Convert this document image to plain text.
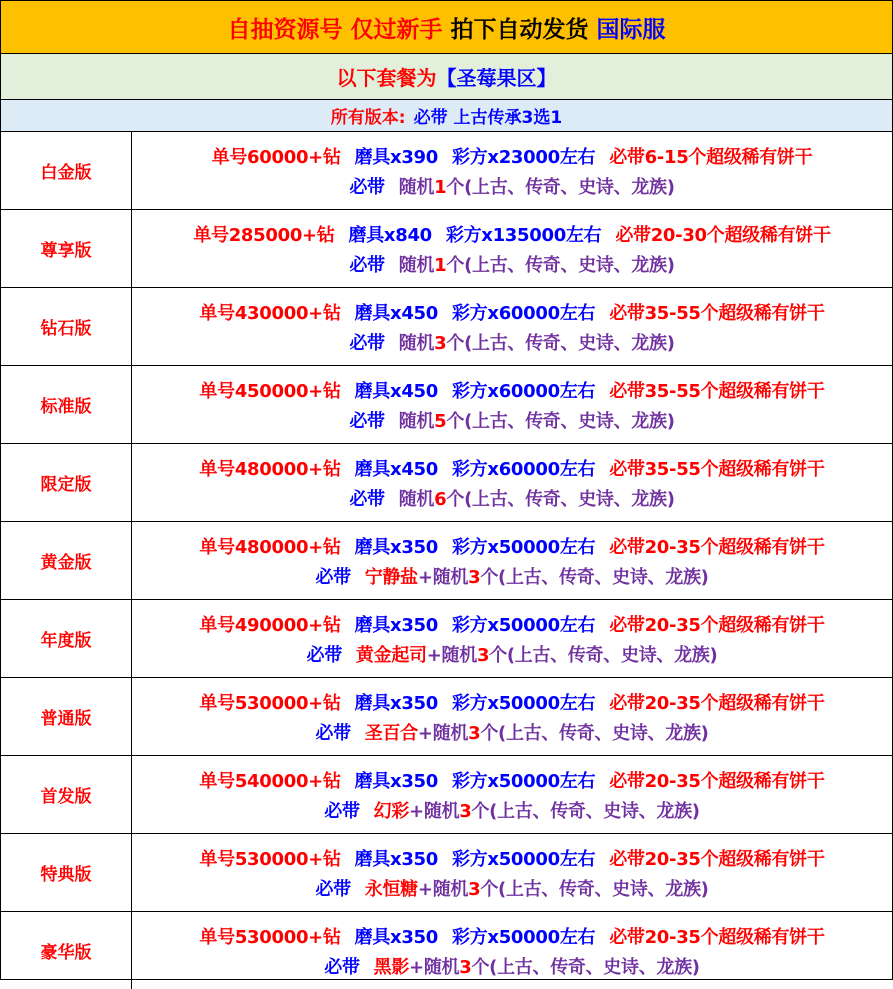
自抽资源号 仅过新手 拍下自动发货 国际服
以下套餐为 【圣莓果区】
所有版本: 必带 上古传承3选1
白金版
单号60000+钻 磨具x390 彩方x23000左右 必带6-15个超级稀有饼干
必带 随机1个(上古、传奇、史诗、龙族)
尊享版
单号285000+钻 磨具x840 彩方x135000左右 必带20-30个超级稀有饼干
必带 随机1个(上古、传奇、史诗、龙族)
钻石版
单号430000+钻 磨具x450 彩方x60000左右 必带35-55个超级稀有饼干
必带 随机3个(上古、传奇、史诗、龙族)
标准版
单号450000+钻 磨具x450 彩方x60000左右 必带35-55个超级稀有饼干
必带 随机5个(上古、传奇、史诗、龙族)
限定版
单号480000+钻 磨具x450 彩方x60000左右 必带35-55个超级稀有饼干
必带 随机6个(上古、传奇、史诗、龙族)
黄金版
单号480000+钻 磨具x350 彩方x50000左右 必带20-35个超级稀有饼干
必带 宁静盐+随机3个(上古、传奇、史诗、龙族)
年度版
单号490000+钻 磨具x350 彩方x50000左右 必带20-35个超级稀有饼干
必带 黄金起司+随机3个(上古、传奇、史诗、龙族)
普通版
单号530000+钻 磨具x350 彩方x50000左右 必带20-35个超级稀有饼干
必带 圣百合+随机3个(上古、传奇、史诗、龙族)
首发版
单号540000+钻 磨具x350 彩方x50000左右 必带20-35个超级稀有饼干
必带 幻彩+随机3个(上古、传奇、史诗、龙族)
特典版
单号530000+钻 磨具x350 彩方x50000左右 必带20-35个超级稀有饼干
必带 永恒糖+随机3个(上古、传奇、史诗、龙族)
豪华版
单号530000+钻 磨具x350 彩方x50000左右 必带20-35个超级稀有饼干
必带 黑影+随机3个(上古、传奇、史诗、龙族)
